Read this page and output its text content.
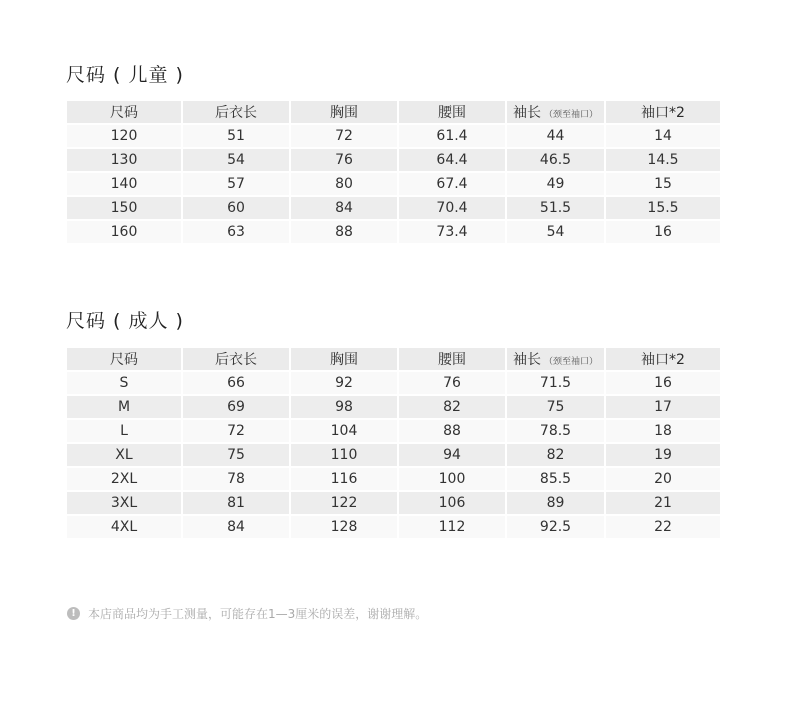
尺码 ( 儿童 )
尺码	后衣长	胸围	腰围	袖长 （颈至袖口）	袖口*2
120	51	72	61.4	44	14
130	54	76	64.4	46.5	14.5
140	57	80	67.4	49	15
150	60	84	70.4	51.5	15.5
160	63	88	73.4	54	16
尺码 ( 成人 )
尺码	后衣长	胸围	腰围	袖长 （颈至袖口）	袖口*2
S	66	92	76	71.5	16
M	69	98	82	75	17
L	72	104	88	78.5	18
XL	75	110	94	82	19
2XL	78	116	100	85.5	20
3XL	81	122	106	89	21
4XL	84	128	112	92.5	22
!	本店商品均为手工测量，可能存在1—3厘米的误差，谢谢理解。
